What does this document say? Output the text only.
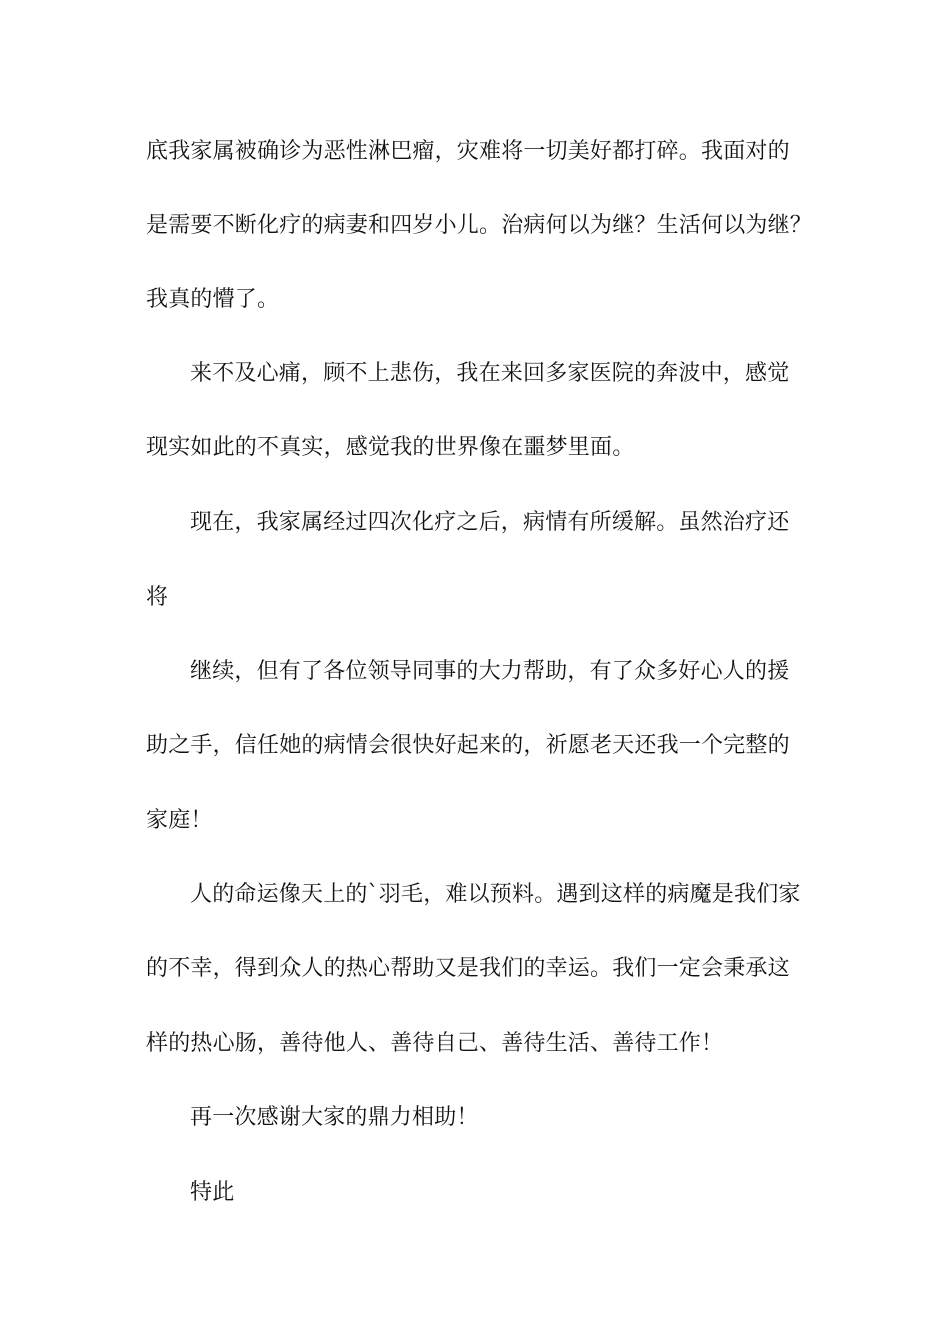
底我家属被确诊为恶性淋巴瘤，灾难将一切美好都打碎。我面对的
是需要不断化疗的病妻和四岁小儿。治病何以为继？生活何以为继？
我真的懵了。
来不及心痛，顾不上悲伤，我在来回多家医院的奔波中，感觉
现实如此的不真实，感觉我的世界像在噩梦里面。
现在，我家属经过四次化疗之后，病情有所缓解。虽然治疗还
将
继续，但有了各位领导同事的大力帮助，有了众多好心人的援
助之手，信任她的病情会很快好起来的，祈愿老天还我一个完整的
家庭！
人的命运像天上的`羽毛，难以预料。遇到这样的病魔是我们家
的不幸，得到众人的热心帮助又是我们的幸运。我们一定会秉承这
样的热心肠，善待他人、善待自己、善待生活、善待工作！
再一次感谢大家的鼎力相助！
特此
